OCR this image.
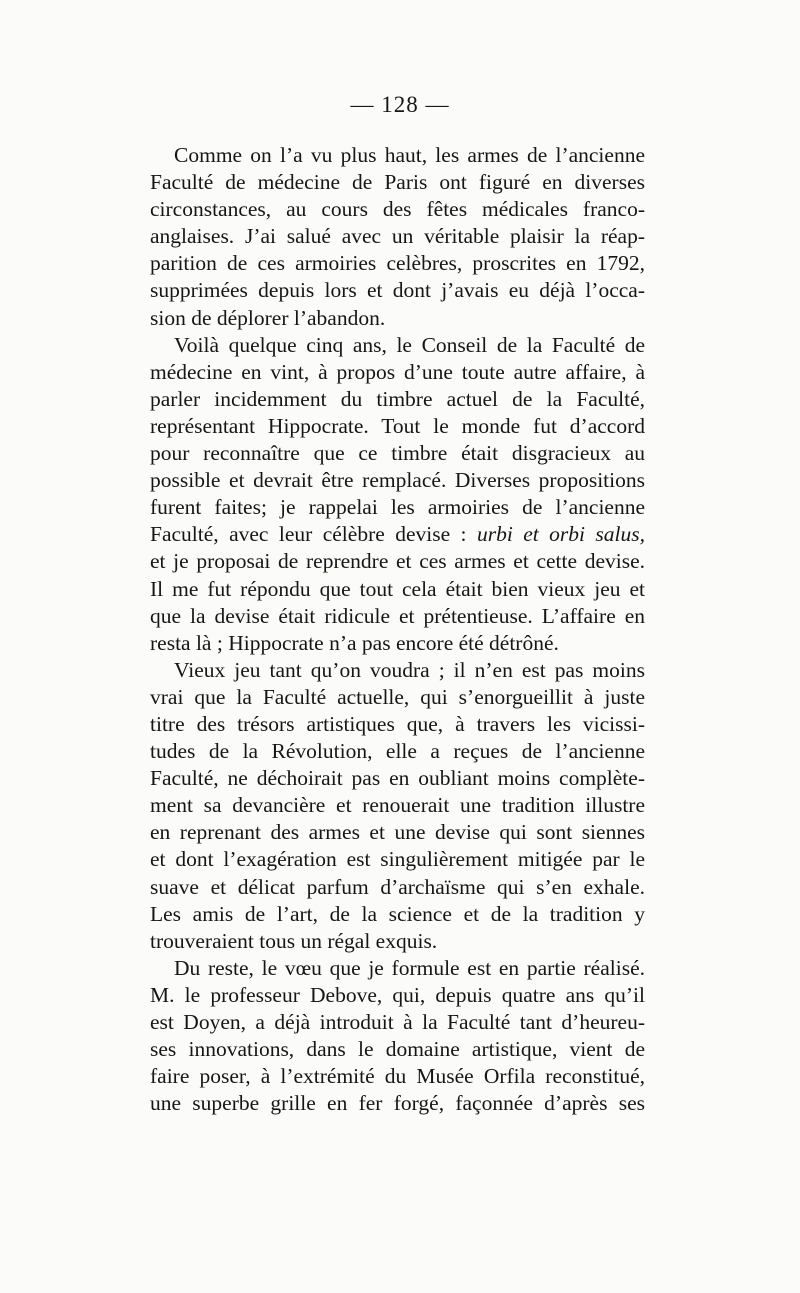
— 128 —
Comme on l’a vu plus haut, les armes de l’ancienne
Faculté de médecine de Paris ont figuré en diverses
circonstances, au cours des fêtes médicales franco-
anglaises. J’ai salué avec un véritable plaisir la réap-
parition de ces armoiries celèbres, proscrites en 1792,
supprimées depuis lors et dont j’avais eu déjà l’occa-
sion de déplorer l’abandon.
Voilà quelque cinq ans, le Conseil de la Faculté de
médecine en vint, à propos d’une toute autre affaire, à
parler incidemment du timbre actuel de la Faculté,
représentant Hippocrate. Tout le monde fut d’accord
pour reconnaître que ce timbre était disgracieux au
possible et devrait être remplacé. Diverses propositions
furent faites; je rappelai les armoiries de l’ancienne
Faculté, avec leur célèbre devise : urbi et orbi salus,
et je proposai de reprendre et ces armes et cette devise.
Il me fut répondu que tout cela était bien vieux jeu et
que la devise était ridicule et prétentieuse. L’affaire en
resta là ; Hippocrate n’a pas encore été détrôné.
Vieux jeu tant qu’on voudra ; il n’en est pas moins
vrai que la Faculté actuelle, qui s’enorgueillit à juste
titre des trésors artistiques que, à travers les vicissi-
tudes de la Révolution, elle a reçues de l’ancienne
Faculté, ne déchoirait pas en oubliant moins complète-
ment sa devancière et renouerait une tradition illustre
en reprenant des armes et une devise qui sont siennes
et dont l’exagération est singulièrement mitigée par le
suave et délicat parfum d’archaïsme qui s’en exhale.
Les amis de l’art, de la science et de la tradition y
trouveraient tous un régal exquis.
Du reste, le vœu que je formule est en partie réalisé.
M. le professeur Debove, qui, depuis quatre ans qu’il
est Doyen, a déjà introduit à la Faculté tant d’heureu-
ses innovations, dans le domaine artistique, vient de
faire poser, à l’extrémité du Musée Orfila reconstitué,
une superbe grille en fer forgé, façonnée d’après ses
